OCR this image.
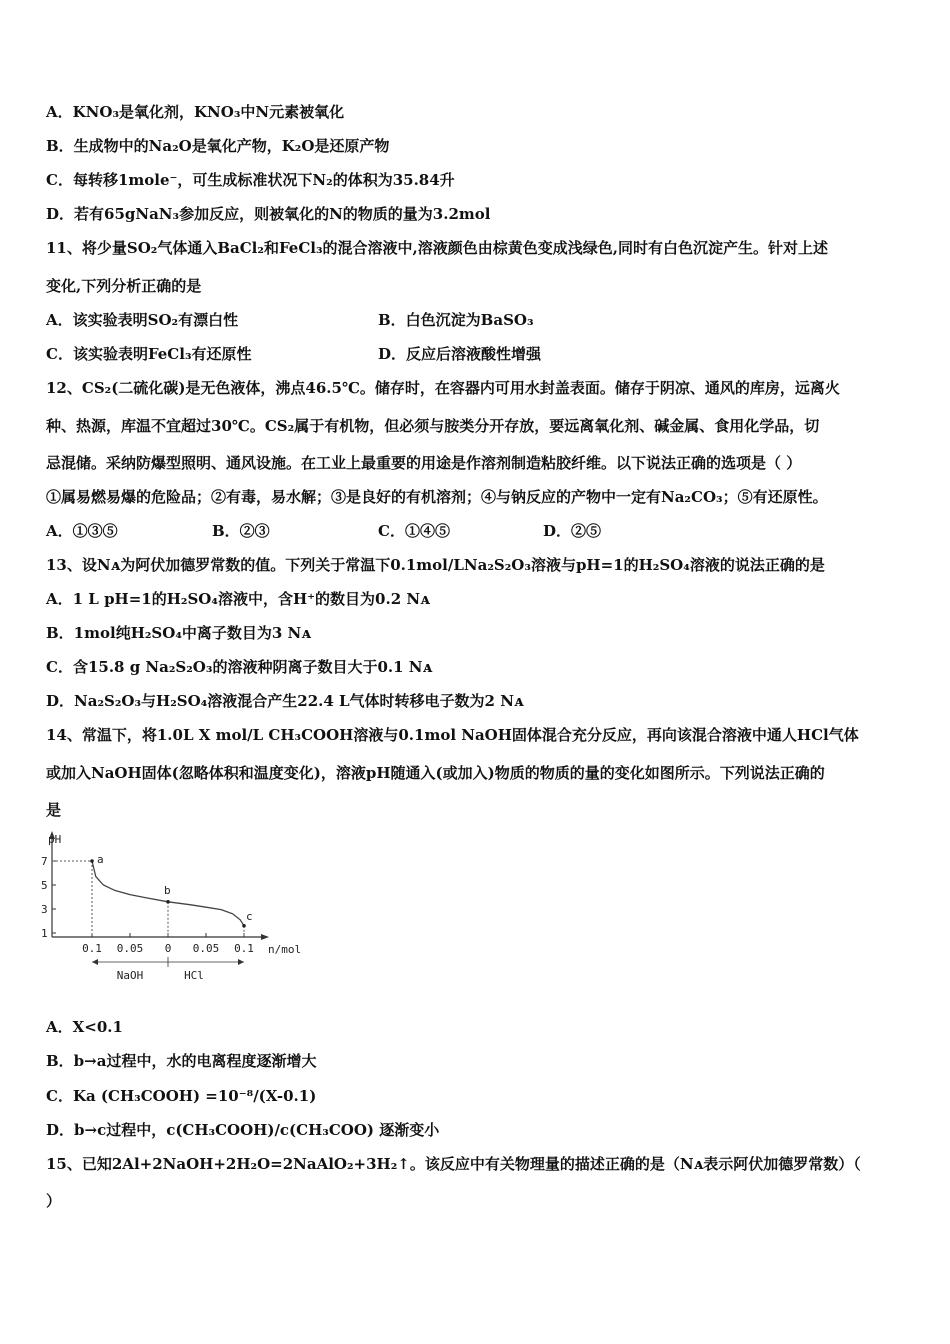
A．KNO₃是氧化剂，KNO₃中N元素被氧化
B．生成物中的Na₂O是氧化产物，K₂O是还原产物
C．每转移1mole⁻，可生成标准状况下N₂的体积为35.84升
D．若有65gNaN₃参加反应，则被氧化的N的物质的量为3.2mol
11、将少量SO₂气体通入BaCl₂和FeCl₃的混合溶液中,溶液颜色由棕黄色变成浅绿色,同时有白色沉淀产生。针对上述
变化,下列分析正确的是
A．该实验表明SO₂有漂白性	B．白色沉淀为BaSO₃
C．该实验表明FeCl₃有还原性	D．反应后溶液酸性增强
12、CS₂(二硫化碳)是无色液体，沸点46.5℃。储存时，在容器内可用水封盖表面。储存于阴凉、通风的库房，远离火
种、热源，库温不宜超过30℃。CS₂属于有机物，但必须与胺类分开存放，要远离氧化剂、碱金属、食用化学品，切
忌混储。采纳防爆型照明、通风设施。在工业上最重要的用途是作溶剂制造粘胶纤维。以下说法正确的选项是（ ）
①属易燃易爆的危险品；②有毒，易水解；③是良好的有机溶剂；④与钠反应的产物中一定有Na₂CO₃；⑤有还原性。
A．①③⑤	B．②③	C．①④⑤	D．②⑤
13、设Nᴀ为阿伏加德罗常数的值。下列关于常温下0.1mol/LNa₂S₂O₃溶液与pH=1的H₂SO₄溶液的说法正确的是
A．1 L pH=1的H₂SO₄溶液中，含H⁺的数目为0.2 Nᴀ
B．1mol纯H₂SO₄中离子数目为3 Nᴀ
C．含15.8 g Na₂S₂O₃的溶液种阴离子数目大于0.1 Nᴀ
D．Na₂S₂O₃与H₂SO₄溶液混合产生22.4 L气体时转移电子数为2 Nᴀ
14、常温下，将1.0L X mol/L CH₃COOH溶液与0.1mol NaOH固体混合充分反应，再向该混合溶液中通人HCl气体
或加入NaOH固体(忽略体积和温度变化)，溶液pH随通入(或加入)物质的物质的量的变化如图所示。下列说法正确的
是
pH
n/mol
7
5
3
1
0.1 0.05 0 0.05 0.1
a
b
c
NaOH	HCl
A．X<0.1
B．b→a过程中，水的电离程度逐渐增大
C．Ka (CH₃COOH) =10⁻⁸/(X-0.1)
D．b→c过程中，c(CH₃COOH)/c(CH₃COO) 逐渐变小
15、已知2Al+2NaOH+2H₂O=2NaAlO₂+3H₂↑。该反应中有关物理量的描述正确的是（Nᴀ表示阿伏加德罗常数）（
）
